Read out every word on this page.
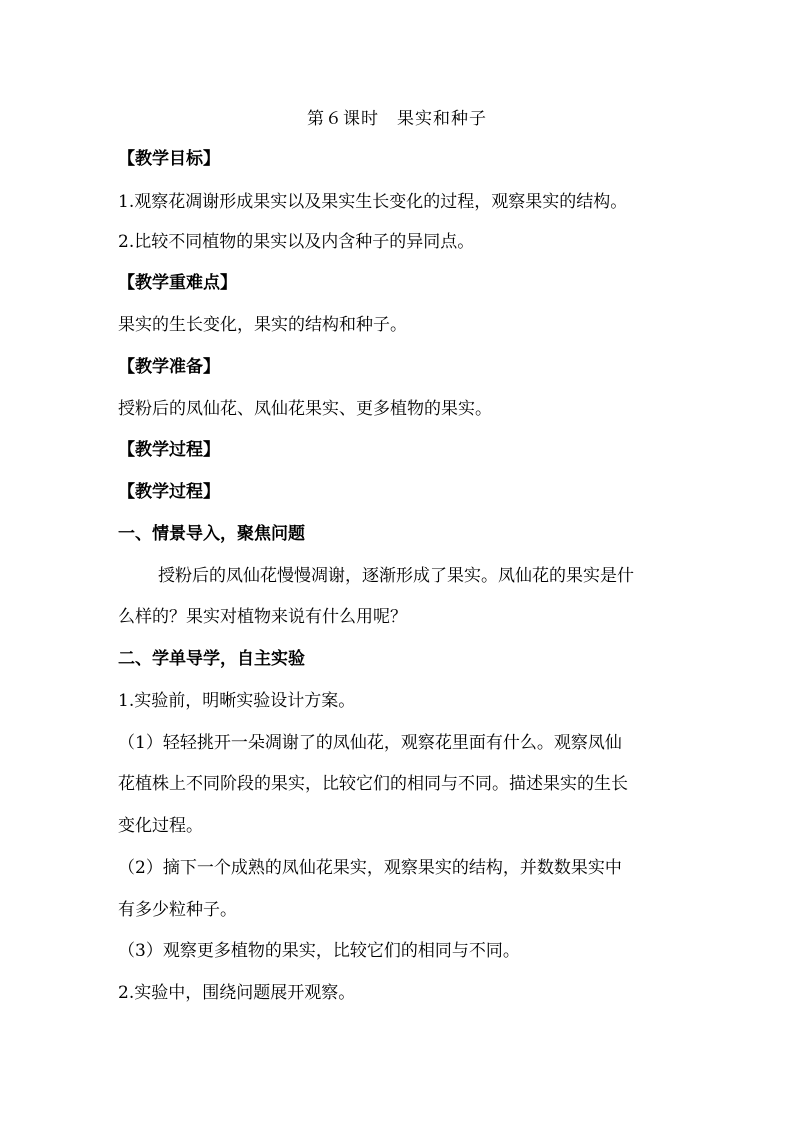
第６课时　果实和种子
【教学目标】
1.观察花凋谢形成果实以及果实生长变化的过程，观察果实的结构。
2.比较不同植物的果实以及内含种子的异同点。
【教学重难点】
果实的生长变化，果实的结构和种子。
【教学准备】
授粉后的凤仙花、凤仙花果实、更多植物的果实。
【教学过程】
【教学过程】
一、情景导入，聚焦问题
授粉后的凤仙花慢慢凋谢，逐渐形成了果实。凤仙花的果实是什
么样的？果实对植物来说有什么用呢？
二、学单导学，自主实验
1.实验前，明晰实验设计方案。
（1）轻轻挑开一朵凋谢了的凤仙花，观察花里面有什么。观察凤仙
花植株上不同阶段的果实，比较它们的相同与不同。描述果实的生长
变化过程。
（2）摘下一个成熟的凤仙花果实，观察果实的结构，并数数果实中
有多少粒种子。
（3）观察更多植物的果实，比较它们的相同与不同。
2.实验中，围绕问题展开观察。
